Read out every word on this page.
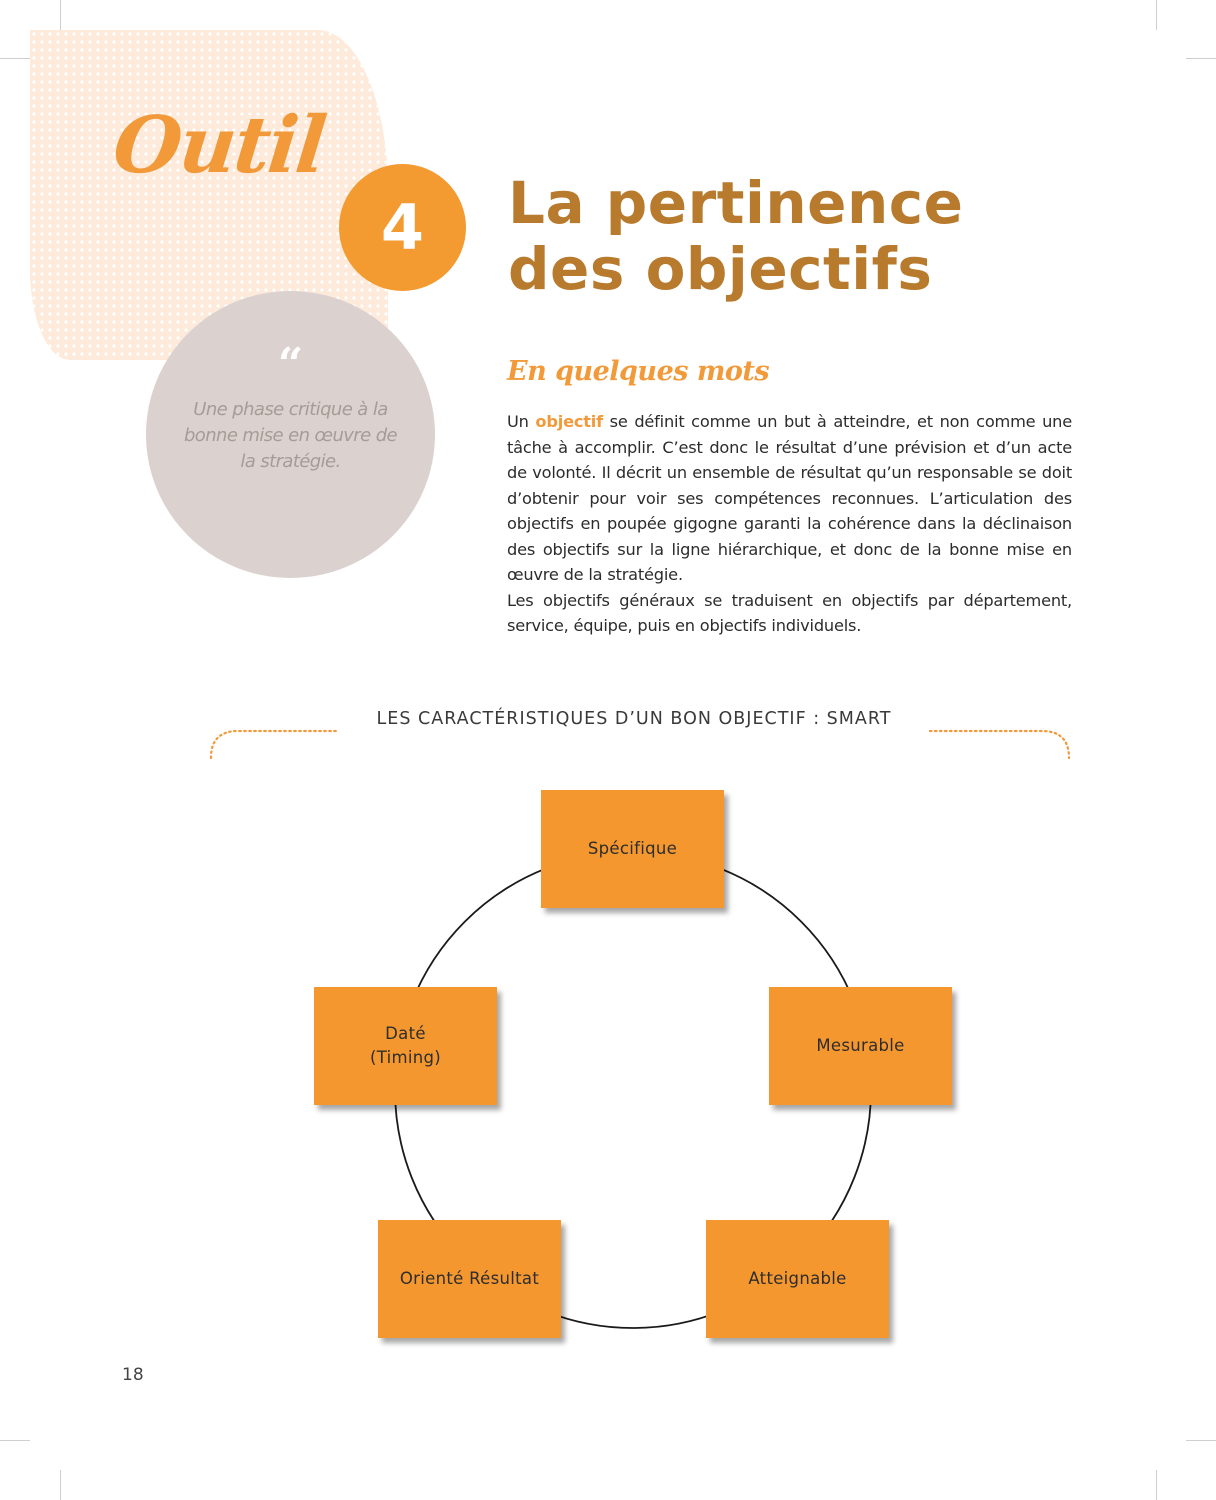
Outil
4
“
Une phase critique à la bonne mise en œuvre de la stratégie.
La pertinence
des objectifs
En quelques mots

Un objectif se définit comme un but à atteindre, et non comme une tâche à accomplir. C’est donc le résultat d’une prévision et d’un acte de volonté. Il décrit un ensemble de résultat qu’un responsable se doit d’obtenir pour voir ses compétences reconnues. L’articulation des objectifs en poupée gigogne garanti la cohérence dans la déclinaison des objectifs sur la ligne hiérarchique, et donc de la bonne mise en œuvre de la stratégie.

Les objectifs généraux se traduisent en objectifs par département, service, équipe, puis en objectifs individuels.

LES CARACTÉRISTIQUES D’UN BON OBJECTIF : SMART
Spécifique
Mesurable
Atteignable
Orienté Résultat
Daté
(Timing)
18
